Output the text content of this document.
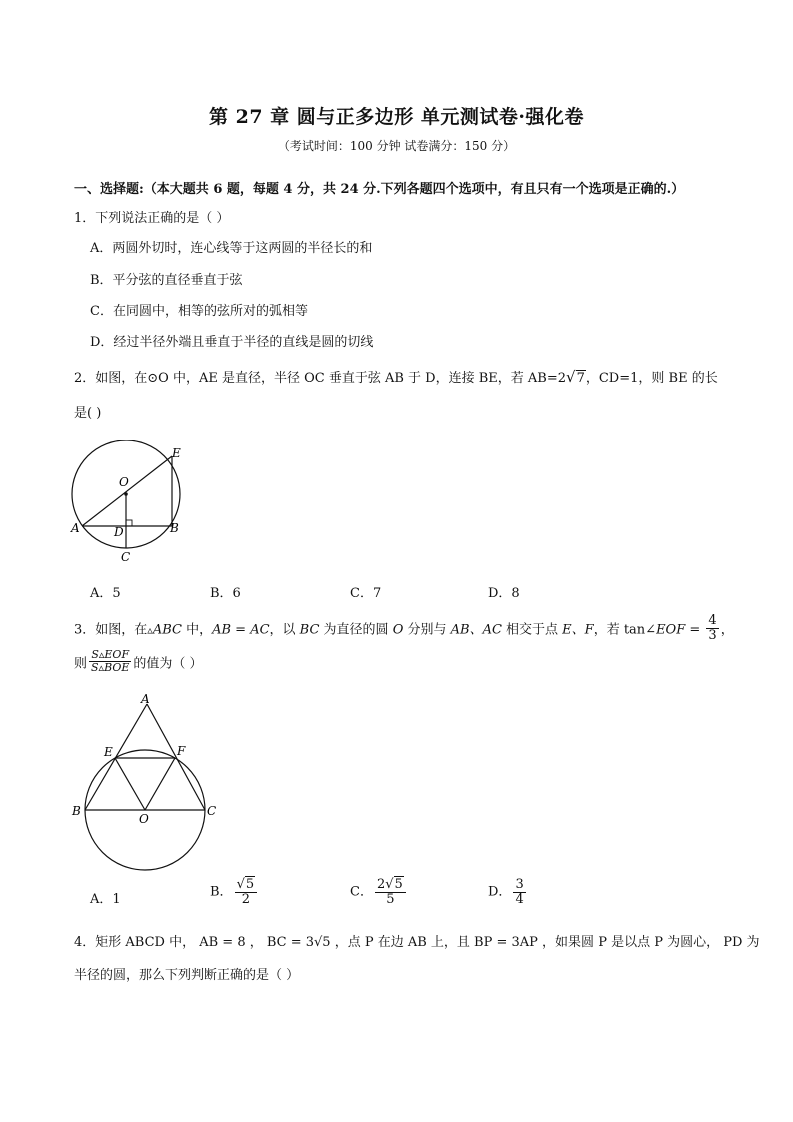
第 27 章 圆与正多边形 单元测试卷·强化卷
（考试时间：100 分钟 试卷满分：150 分）
一、选择题:（本大题共 6 题，每题 4 分，共 24 分.下列各题四个选项中，有且只有一个选项是正确的.）
1．下列说法正确的是（ ）
A．两圆外切时，连心线等于这两圆的半径长的和
B．平分弦的直径垂直于弦
C．在同圆中，相等的弦所对的弧相等
D．经过半径外端且垂直于半径的直线是圆的切线
2．如图，在⊙O 中，AE 是直径，半径 OC 垂直于弦 AB 于 D，连接 BE，若 AB=2√7，CD=1，则 BE 的长
是( )
E
O
A	D	B
C
A．5	B．6	C．7	D．8
3．如图，在▵ABC 中，AB = AC，以 BC 为直径的圆 O 分别与 AB、AC 相交于点 E、F，若 tan∠EOF = $\frac{4}{3}$ ，
则 $\frac{\text{S▵EOF}}{\text{S▵BOE}}$ 的值为（ ）
A
E	F
B
O
C
A．1	B． $\frac{√5}{2}$	C． $\frac{2√5}{5}$	D． $\frac{3}{4}$
4．矩形 ABCD 中， AB = 8 ， BC = 3√5 ，点 P 在边 AB 上，且 BP = 3AP ，如果圆 P 是以点 P 为圆心， PD 为
半径的圆，那么下列判断正确的是（ ）
